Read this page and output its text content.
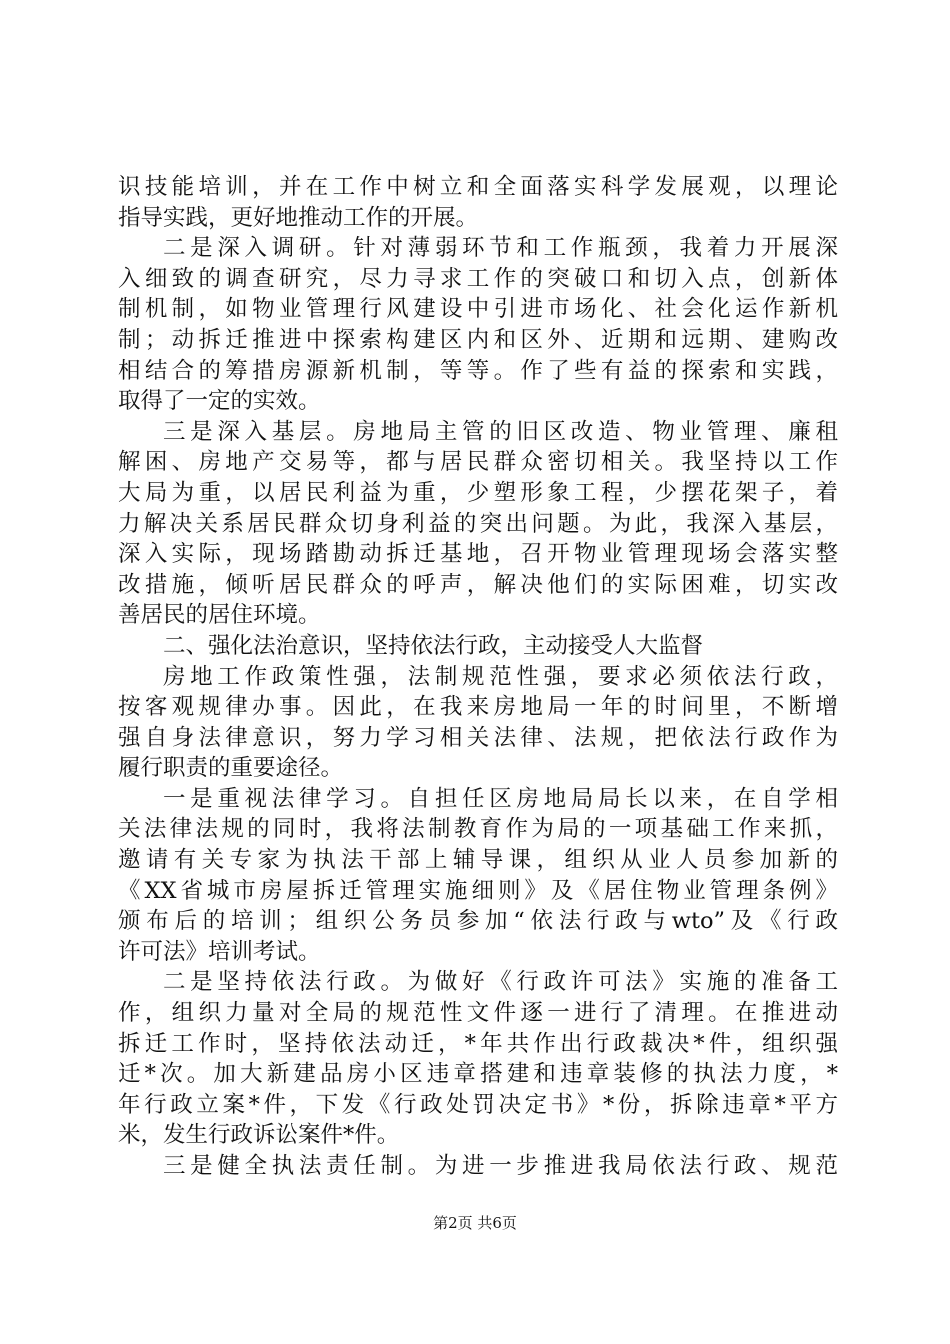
识技能培训，并在工作中树立和全面落实科学发展观，以理论
指导实践，更好地推动工作的开展。
二是深入调研。针对薄弱环节和工作瓶颈，我着力开展深
入细致的调查研究，尽力寻求工作的突破口和切入点，创新体
制机制，如物业管理行风建设中引进市场化、社会化运作新机
制；动拆迁推进中探索构建区内和区外、近期和远期、建购改
相结合的筹措房源新机制，等等。作了些有益的探索和实践，
取得了一定的实效。
三是深入基层。房地局主管的旧区改造、物业管理、廉租
解困、房地产交易等，都与居民群众密切相关。我坚持以工作
大局为重，以居民利益为重，少塑形象工程，少摆花架子，着
力解决关系居民群众切身利益的突出问题。为此，我深入基层，
深入实际，现场踏勘动拆迁基地，召开物业管理现场会落实整
改措施，倾听居民群众的呼声，解决他们的实际困难，切实改
善居民的居住环境。
二、强化法治意识，坚持依法行政，主动接受人大监督
房地工作政策性强，法制规范性强，要求必须依法行政，
按客观规律办事。因此，在我来房地局一年的时间里，不断增
强自身法律意识，努力学习相关法律、法规，把依法行政作为
履行职责的重要途径。
一是重视法律学习。自担任区房地局局长以来，在自学相
关法律法规的同时，我将法制教育作为局的一项基础工作来抓，
邀请有关专家为执法干部上辅导课，组织从业人员参加新的
《XX省城市房屋拆迁管理实施细则》及《居住物业管理条例》
颁布后的培训；组织公务员参加“依法行政与wto”及《行政
许可法》培训考试。
二是坚持依法行政。为做好《行政许可法》实施的准备工
作，组织力量对全局的规范性文件逐一进行了清理。在推进动
拆迁工作时，坚持依法动迁，*年共作出行政裁决*件，组织强
迁*次。加大新建品房小区违章搭建和违章装修的执法力度，*
年行政立案*件，下发《行政处罚决定书》*份，拆除违章*平方
米，发生行政诉讼案件*件。
三是健全执法责任制。为进一步推进我局依法行政、规范
第2页 共6页
